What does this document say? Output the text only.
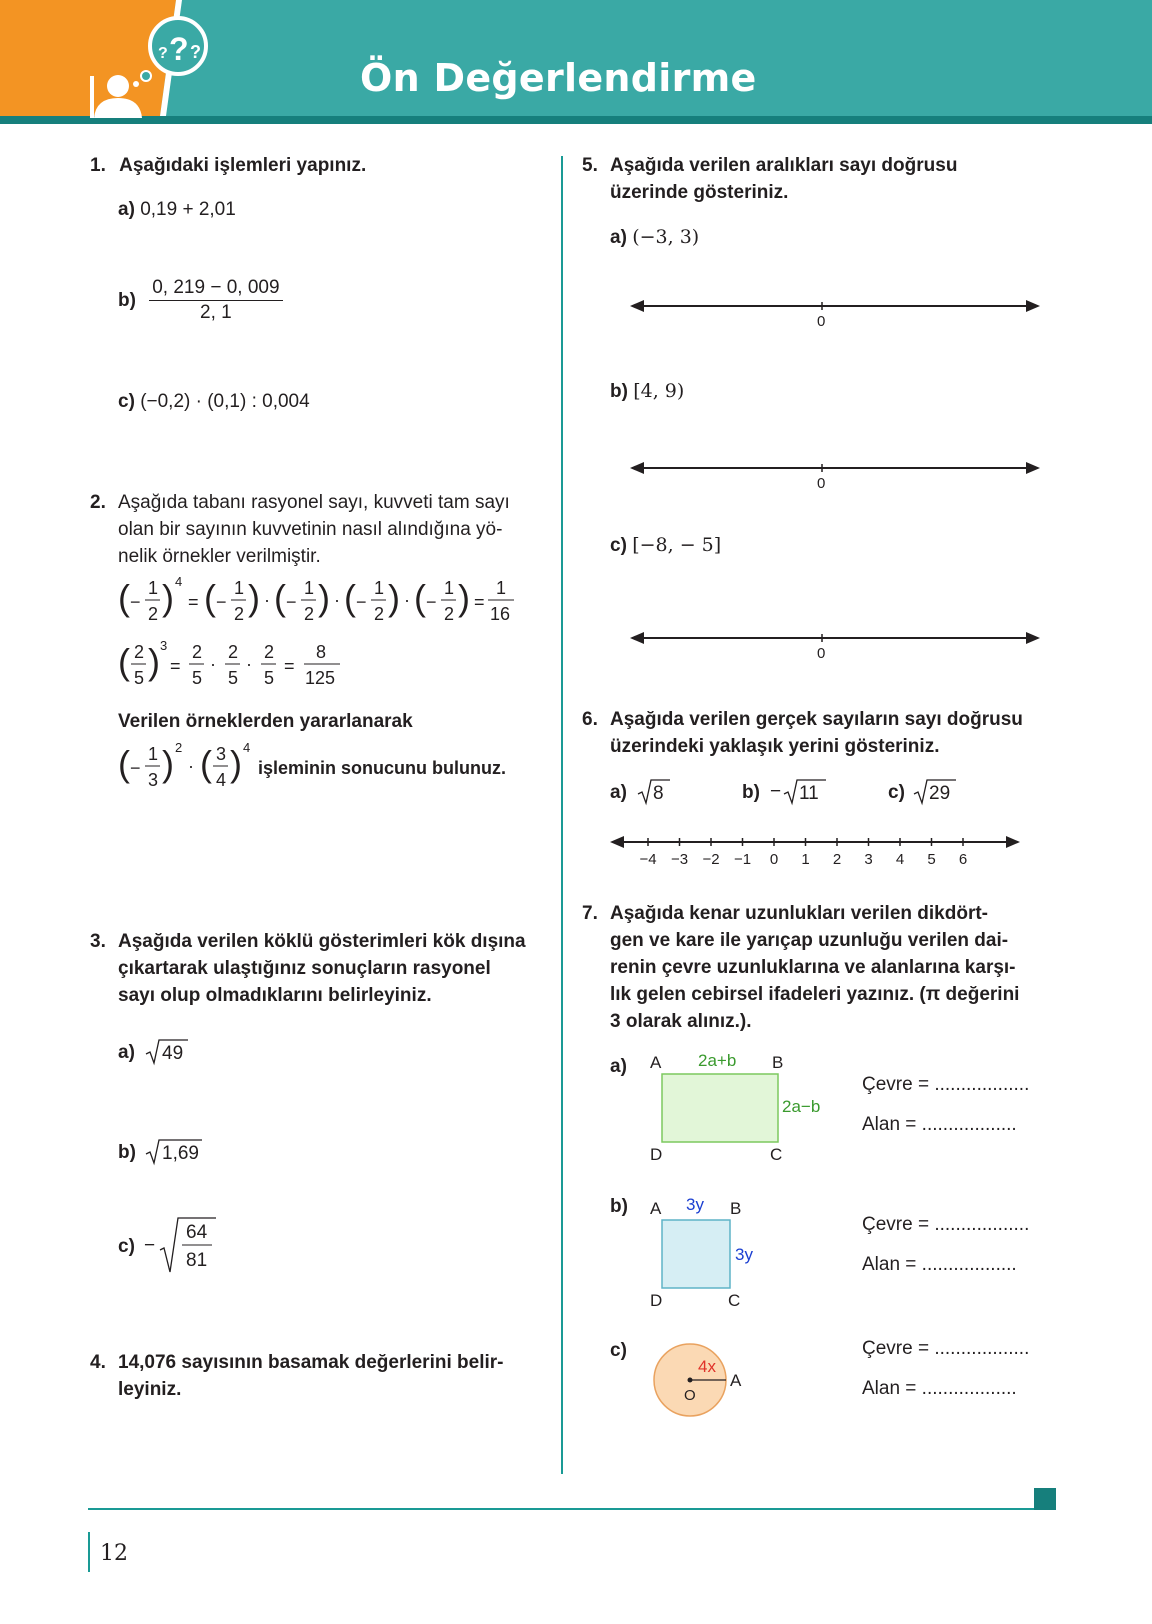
? ? ?
Ön Değerlendirme
1. Aşağıdaki işlemleri yapınız.
a) 0,19 + 2,01
$b) \frac{0, 219 - 0, 009}{2, 1}$
c) (−0,2) · (0,1) : 0,004
2. Aşağıda tabanı rasyonel sayı, kuvveti tam sayı
olan bir sayının kuvvetinin nasıl alındığına yö-
nelik örnekler verilmiştir.
( −
1
2 ) 4
= ( −
1
2 ) · ( −
1
2 ) · ( −
1
2 ) · ( −
1
2 ) =
1
16
( 2
5 ) 3
=
2
5
·
2
5
·
2
5
=
8
125
Verilen örneklerden yararlanarak
( −
1
3 ) 2
· ( 3
4 ) 4
işleminin sonucunu bulunuz.
3. Aşağıda verilen köklü gösterimleri kök dışına
çıkartarak ulaştığınız sonuçların rasyonel
sayı olup olmadıklarını belirleyiniz.
a) 49
b) 1,69
c) −
64
81
4. 14,076 sayısının basamak değerlerini belir-
leyiniz.
5. Aşağıda verilen aralıkları sayı doğrusu
üzerinde gösteriniz.
a) (−3, 3)
0
b) [4, 9)
0
c) [−8, − 5]
0
6. Aşağıda verilen gerçek sayıların sayı doğrusu
üzerindeki yaklaşık yerini gösteriniz.
a) 8	b) − 11	c) 29
−4 −3 −2 −1 0 1 2 3 4 5 6
7. Aşağıda kenar uzunlukları verilen dikdört-
gen ve kare ile yarıçap uzunluğu verilen dai-
renin çevre uzunluklarına ve alanlarına karşı-
lık gelen cebirsel ifadeleri yazınız. (π değerini
3 olarak alınız.).
a) A	B
D	C
2a+b
2a−b
Çevre = ..................
Alan = ..................
b) A	B
D	C
3y
3y
Çevre = ..................
Alan = ..................
c)
4x
O
A
Çevre = ..................
Alan = ..................
12
